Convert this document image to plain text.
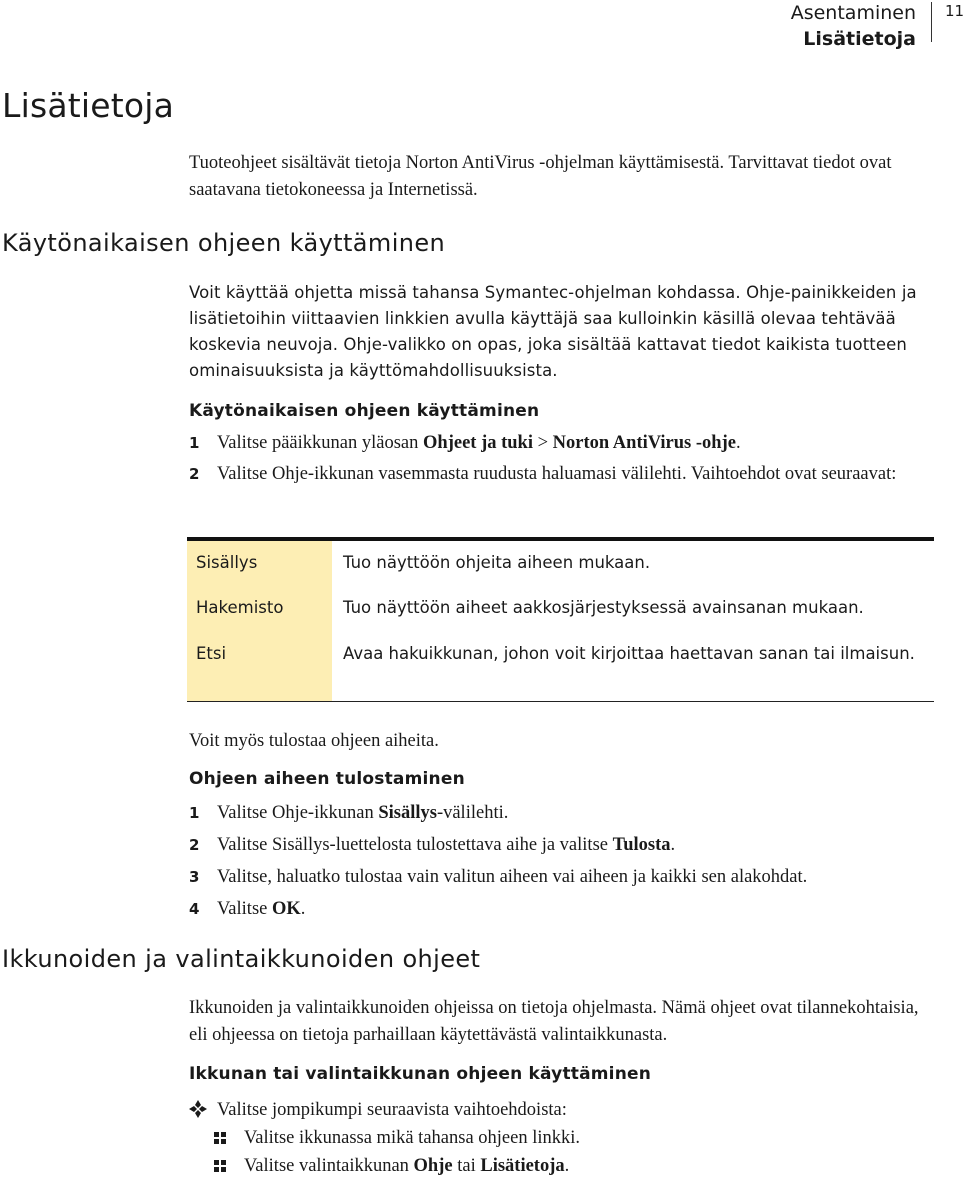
Asentaminen
Lisätietoja
11
Lisätietoja
Tuoteohjeet sisältävät tietoja Norton AntiVirus -ohjelman käyttämisestä. Tarvittavat tiedot ovat saatavana tietokoneessa ja Internetissä.
Käytönaikaisen ohjeen käyttäminen
Voit käyttää ohjetta missä tahansa Symantec-ohjelman kohdassa. Ohje-painikkeiden ja lisätietoihin viittaavien linkkien avulla käyttäjä saa kulloinkin käsillä olevaa tehtävää koskevia neuvoja. Ohje-valikko on opas, joka sisältää kattavat tiedot kaikista tuotteen ominaisuuksista ja käyttömahdollisuuksista.
Käytönaikaisen ohjeen käyttäminen
1 Valitse pääikkunan yläosan Ohjeet ja tuki > Norton AntiVirus -ohje.
2 Valitse Ohje-ikkunan vasemmasta ruudusta haluamasi välilehti. Vaihtoehdot ovat seuraavat:
Sisällys	Tuo näyttöön ohjeita aiheen mukaan.
Hakemisto	Tuo näyttöön aiheet aakkosjärjestyksessä avainsanan mukaan.
Etsi	Avaa hakuikkunan, johon voit kirjoittaa haettavan sanan tai ilmaisun.
Voit myös tulostaa ohjeen aiheita.
Ohjeen aiheen tulostaminen
1 Valitse Ohje-ikkunan Sisällys-välilehti.
2 Valitse Sisällys-luettelosta tulostettava aihe ja valitse Tulosta.
3 Valitse, haluatko tulostaa vain valitun aiheen vai aiheen ja kaikki sen alakohdat.
4 Valitse OK.
Ikkunoiden ja valintaikkunoiden ohjeet
Ikkunoiden ja valintaikkunoiden ohjeissa on tietoja ohjelmasta. Nämä ohjeet ovat tilannekohtaisia, eli ohjeessa on tietoja parhaillaan käytettävästä valintaikkunasta.
Ikkunan tai valintaikkunan ohjeen käyttäminen
Valitse jompikumpi seuraavista vaihtoehdoista:
Valitse ikkunassa mikä tahansa ohjeen linkki.
Valitse valintaikkunan Ohje tai Lisätietoja.
